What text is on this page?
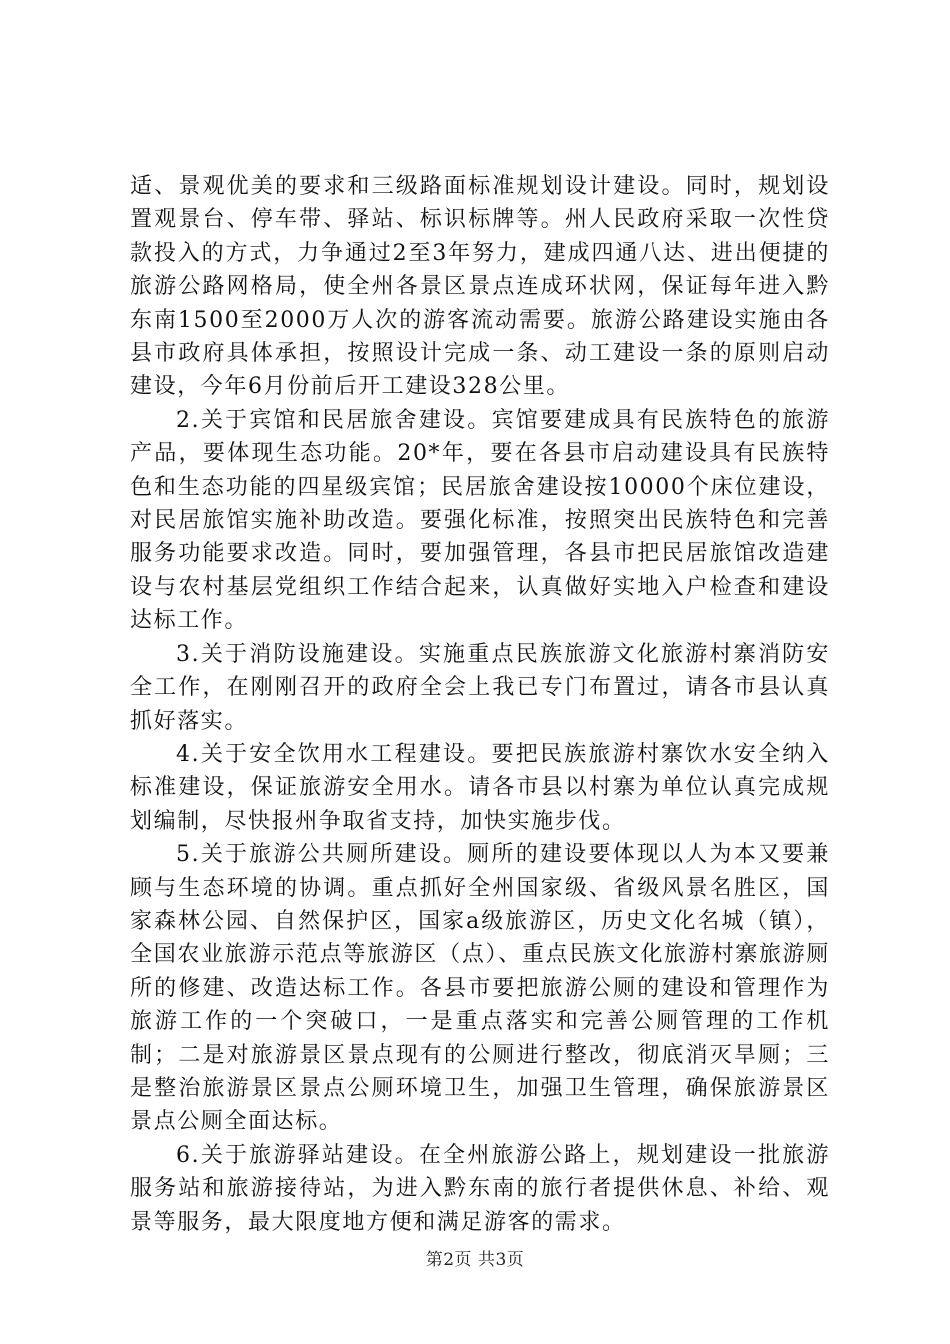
适、景观优美的要求和三级路面标准规划设计建设。同时，规划设置观景台、停车带、驿站、标识标牌等。州人民政府采取一次性贷款投入的方式，力争通过2至3年努力，建成四通八达、进出便捷的旅游公路网格局，使全州各景区景点连成环状网，保证每年进入黔东南1500至2000万人次的游客流动需要。旅游公路建设实施由各县市政府具体承担，按照设计完成一条、动工建设一条的原则启动建设，今年6月份前后开工建设328公里。

2.关于宾馆和民居旅舍建设。宾馆要建成具有民族特色的旅游产品，要体现生态功能。20*年，要在各县市启动建设具有民族特色和生态功能的四星级宾馆；民居旅舍建设按10000个床位建设，对民居旅馆实施补助改造。要强化标准，按照突出民族特色和完善服务功能要求改造。同时，要加强管理，各县市把民居旅馆改造建设与农村基层党组织工作结合起来，认真做好实地入户检查和建设达标工作。

3.关于消防设施建设。实施重点民族旅游文化旅游村寨消防安全工作，在刚刚召开的政府全会上我已专门布置过，请各市县认真抓好落实。

4.关于安全饮用水工程建设。要把民族旅游村寨饮水安全纳入标准建设，保证旅游安全用水。请各市县以村寨为单位认真完成规划编制，尽快报州争取省支持，加快实施步伐。

5.关于旅游公共厕所建设。厕所的建设要体现以人为本又要兼顾与生态环境的协调。重点抓好全州国家级、省级风景名胜区，国家森林公园、自然保护区，国家a级旅游区，历史文化名城（镇），全国农业旅游示范点等旅游区（点）、重点民族文化旅游村寨旅游厕所的修建、改造达标工作。各县市要把旅游公厕的建设和管理作为旅游工作的一个突破口，一是重点落实和完善公厕管理的工作机制；二是对旅游景区景点现有的公厕进行整改，彻底消灭旱厕；三是整治旅游景区景点公厕环境卫生，加强卫生管理，确保旅游景区景点公厕全面达标。

6.关于旅游驿站建设。在全州旅游公路上，规划建设一批旅游服务站和旅游接待站，为进入黔东南的旅行者提供休息、补给、观景等服务，最大限度地方便和满足游客的需求。

第2页 共3页
